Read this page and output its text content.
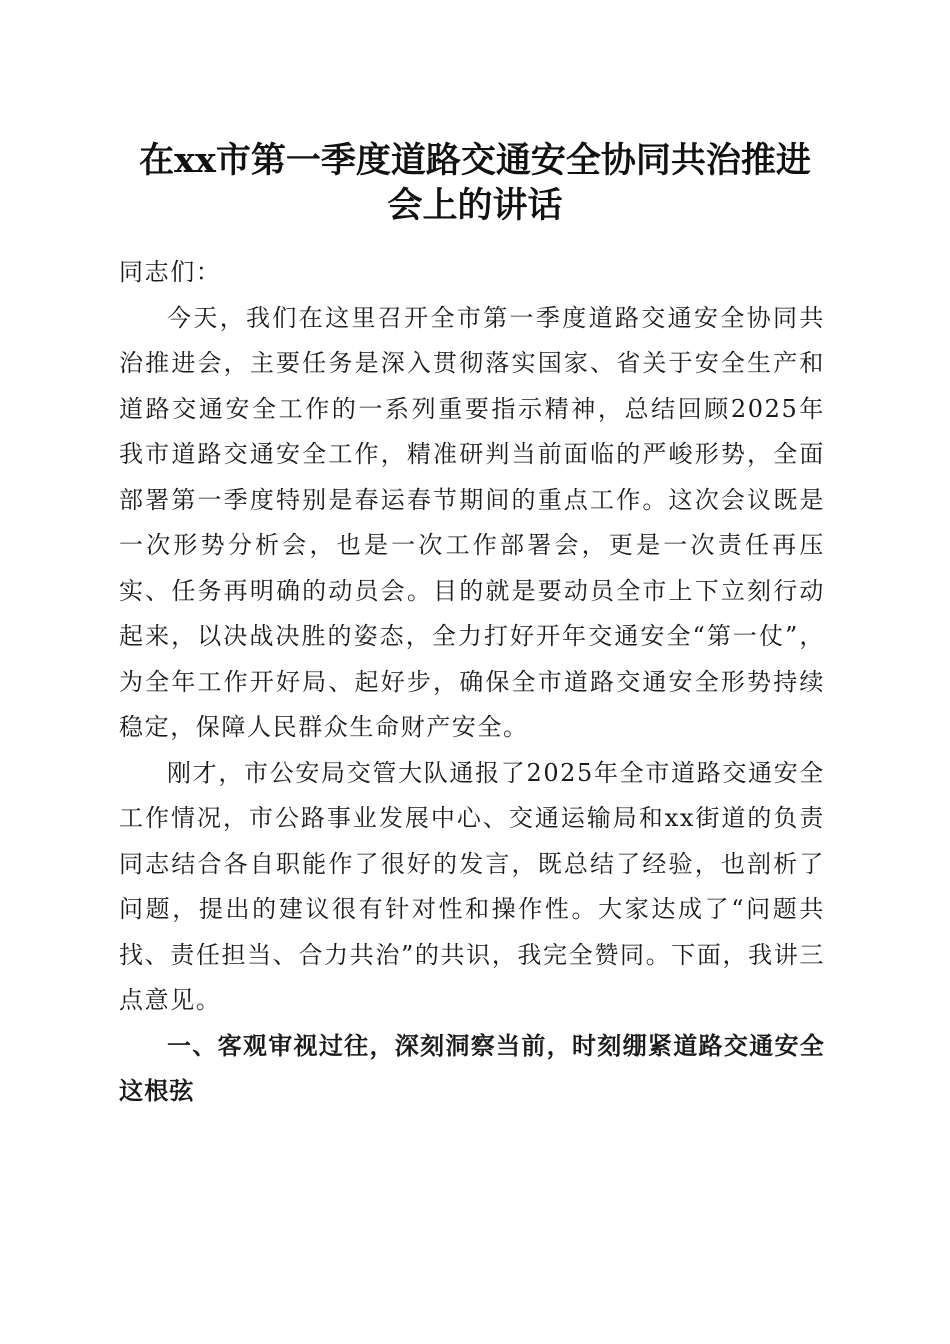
在xx市第一季度道路交通安全协同共治推进
会上的讲话

同志们：

今天，我们在这里召开全市第一季度道路交通安全协同共治推进会，主要任务是深入贯彻落实国家、省关于安全生产和道路交通安全工作的一系列重要指示精神，总结回顾2025年我市道路交通安全工作，精准研判当前面临的严峻形势，全面部署第一季度特别是春运春节期间的重点工作。这次会议既是一次形势分析会，也是一次工作部署会，更是一次责任再压实、任务再明确的动员会。目的就是要动员全市上下立刻行动起来，以决战决胜的姿态，全力打好开年交通安全“第一仗”，为全年工作开好局、起好步，确保全市道路交通安全形势持续稳定，保障人民群众生命财产安全。

刚才，市公安局交管大队通报了2025年全市道路交通安全工作情况，市公路事业发展中心、交通运输局和xx街道的负责同志结合各自职能作了很好的发言，既总结了经验，也剖析了问题，提出的建议很有针对性和操作性。大家达成了“问题共找、责任担当、合力共治”的共识，我完全赞同。下面，我讲三点意见。

一、客观审视过往，深刻洞察当前，时刻绷紧道路交通安全这根弦
